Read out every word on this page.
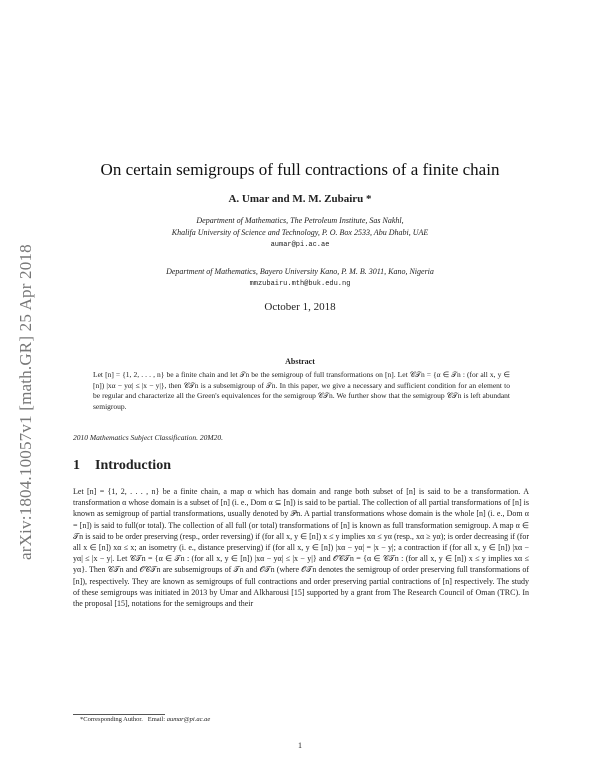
arXiv:1804.10057v1 [math.GR] 25 Apr 2018
On certain semigroups of full contractions of a finite chain
A. Umar and M. M. Zubairu *
Department of Mathematics, The Petroleum Institute, Sas Nakhl,
Khalifa University of Science and Technology, P. O. Box 2533, Abu Dhabi, UAE
aumar@pi.ac.ae
Department of Mathematics, Bayero University Kano, P. M. B. 3011, Kano, Nigeria
mmzubairu.mth@buk.edu.ng
October 1, 2018
Abstract
Let [n] = {1, 2, . . . , n} be a finite chain and let 𝒯n be the semigroup of full transformations on [n]. Let 𝒞𝒯n = {α ∈ 𝒯n : (for all x, y ∈ [n]) |xα − yα| ≤ |x − y|}, then 𝒞𝒯n is a subsemigroup of 𝒯n. In this paper, we give a necessary and sufficient condition for an element to be regular and characterize all the Green's equivalences for the semigroup 𝒞𝒯n. We further show that the semigroup 𝒞𝒯n is left abundant semigroup.
2010 Mathematics Subject Classification. 20M20.
1 Introduction
Let [n] = {1, 2, . . . , n} be a finite chain, a map α which has domain and range both subset of [n] is said to be a transformation. A transformation α whose domain is a subset of [n] (i. e., Dom α ⊆ [n]) is said to be partial. The collection of all partial transformations of [n] is known as semigroup of partial transformations, usually denoted by 𝒫n. A partial transformations whose domain is the whole [n] (i. e., Dom α = [n]) is said to full(or total). The collection of all full (or total) transformations of [n] is known as full transformation semigroup. A map α ∈ 𝒯n is said to be order preserving (resp., order reversing) if (for all x, y ∈ [n]) x ≤ y implies xα ≤ yα (resp., xα ≥ yα); is order decreasing if (for all x ∈ [n]) xα ≤ x; an isometry (i. e., distance preserving) if (for all x, y ∈ [n]) |xα − yα| = |x − y|; a contraction if (for all x, y ∈ [n]) |xα − yα| ≤ |x − y|. Let 𝒞𝒯n = {α ∈ 𝒯n : (for all x, y ∈ [n]) |xα − yα| ≤ |x − y|} and 𝒪𝒞𝒯n = {α ∈ 𝒞𝒯n : (for all x, y ∈ [n]) x ≤ y implies xα ≤ yα}. Then 𝒞𝒯n and 𝒪𝒞𝒯n are subsemigroups of 𝒯n and 𝒪𝒯n (where 𝒪𝒯n denotes the semigroup of order preserving full transformations of [n]), respectively. They are known as semigroups of full contractions and order preserving partial contractions of [n] respectively. The study of these semigroups was initiated in 2013 by Umar and Alkharousi [15] supported by a grant from The Research Council of Oman (TRC). In the proposal [15], notations for the semigroups and their
*Corresponding Author. Email: aumar@pi.ac.ae
1
